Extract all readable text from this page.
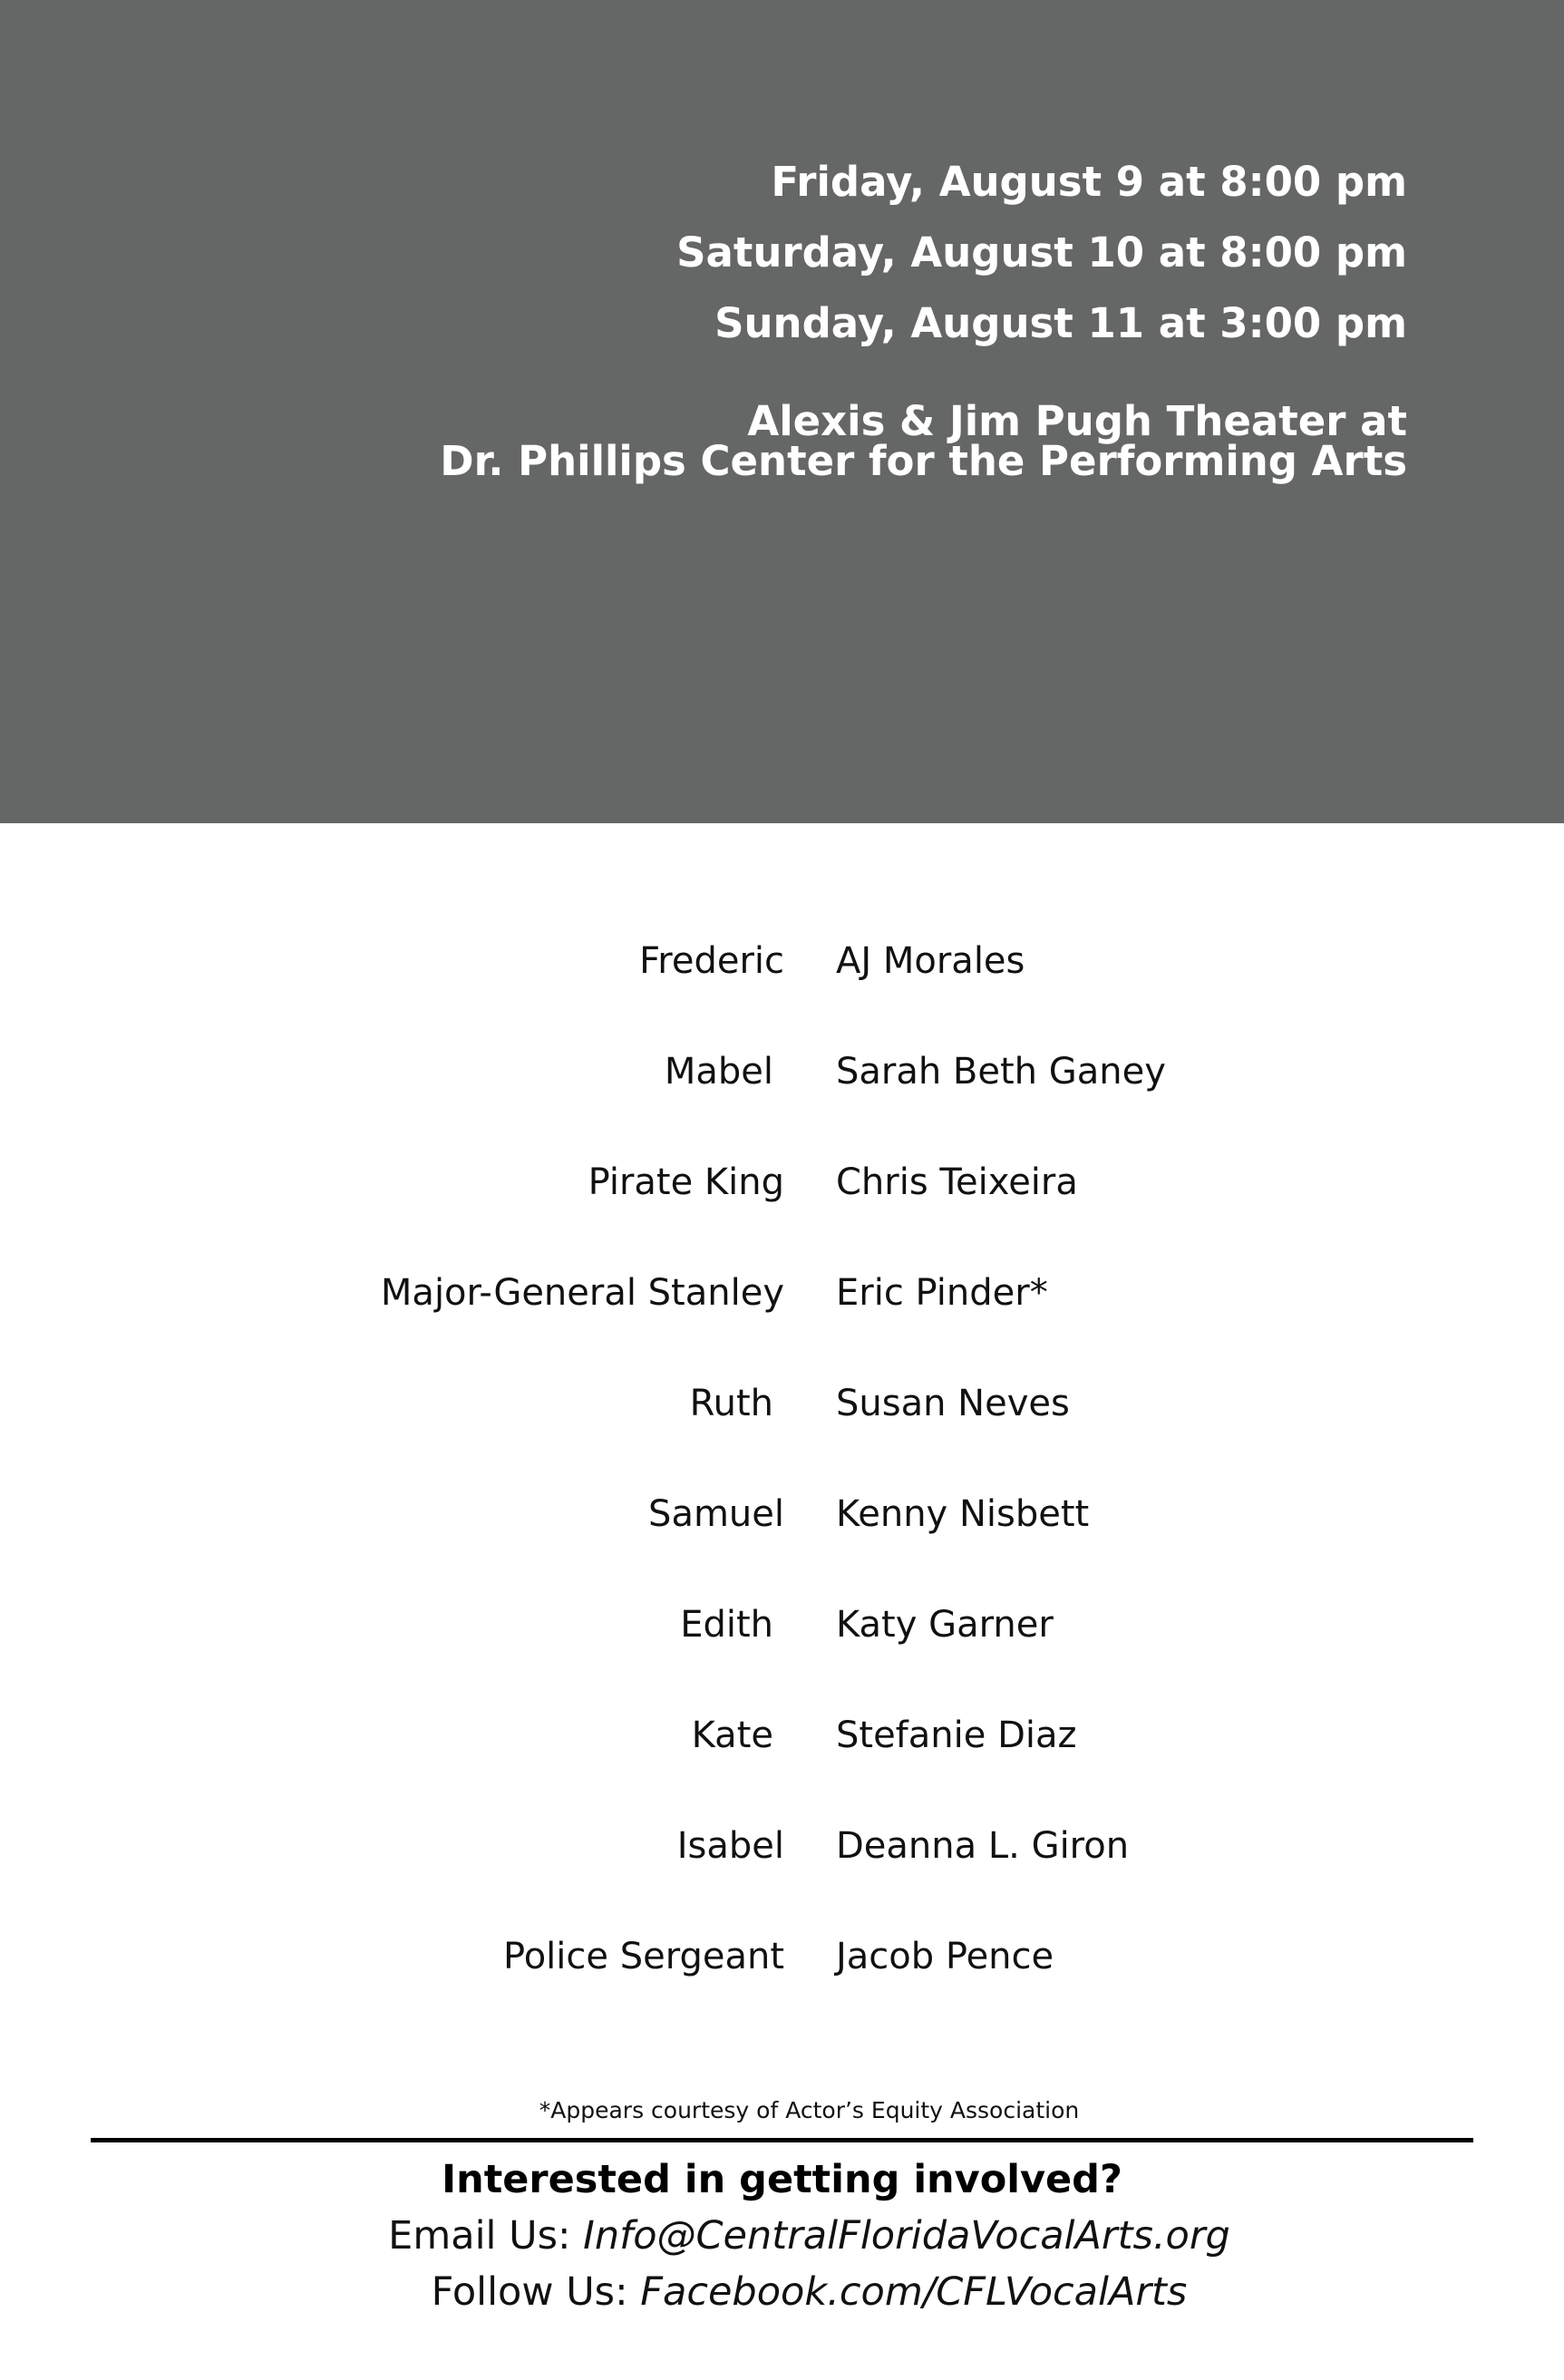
Friday, August 9 at 8:00 pm
Saturday, August 10 at 8:00 pm
Sunday, August 11 at 3:00 pm
Alexis & Jim Pugh Theater at
Dr. Phillips Center for the Performing Arts
Frederic AJ Morales
Mabel Sarah Beth Ganey
Pirate King Chris Teixeira
Major-General Stanley Eric Pinder*
Ruth Susan Neves
Samuel Kenny Nisbett
Edith Katy Garner
Kate Stefanie Diaz
Isabel Deanna L. Giron
Police Sergeant Jacob Pence
*Appears courtesy of Actor’s Equity Association
Interested in getting involved?
Email Us: Info@CentralFloridaVocalArts.org
Follow Us: Facebook.com/CFLVocalArts
